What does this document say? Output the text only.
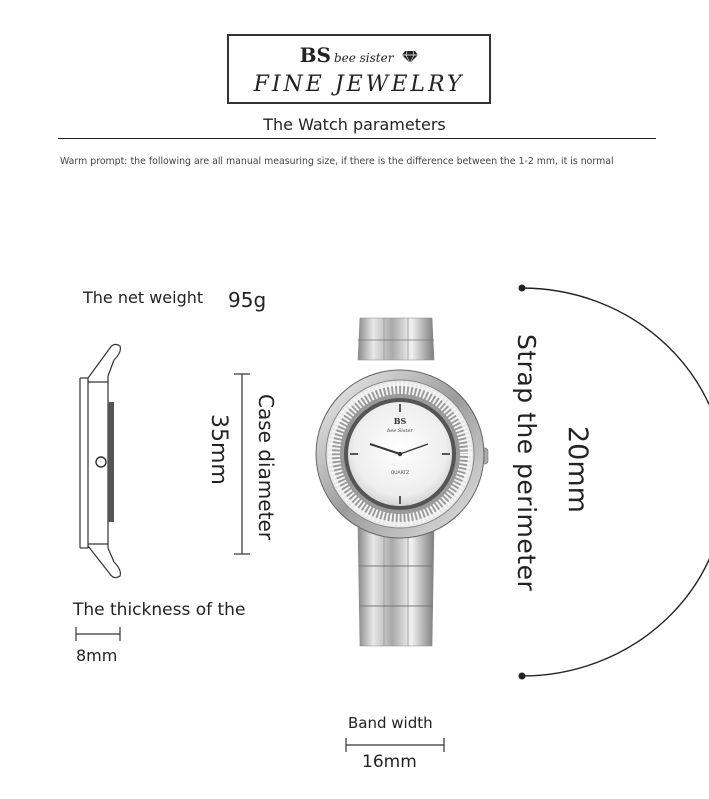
BS bee sister
FINE JEWELRY
The Watch parameters
Warm prompt: the following are all manual measuring size, if there is the difference between the 1-2 mm, it is normal
The net weight 95g
Case diameter
35mm	Strap the perimeter 20mm
The thickness of the
8mm
Band width
16mm
BS
bee Sister
QUARTZ
